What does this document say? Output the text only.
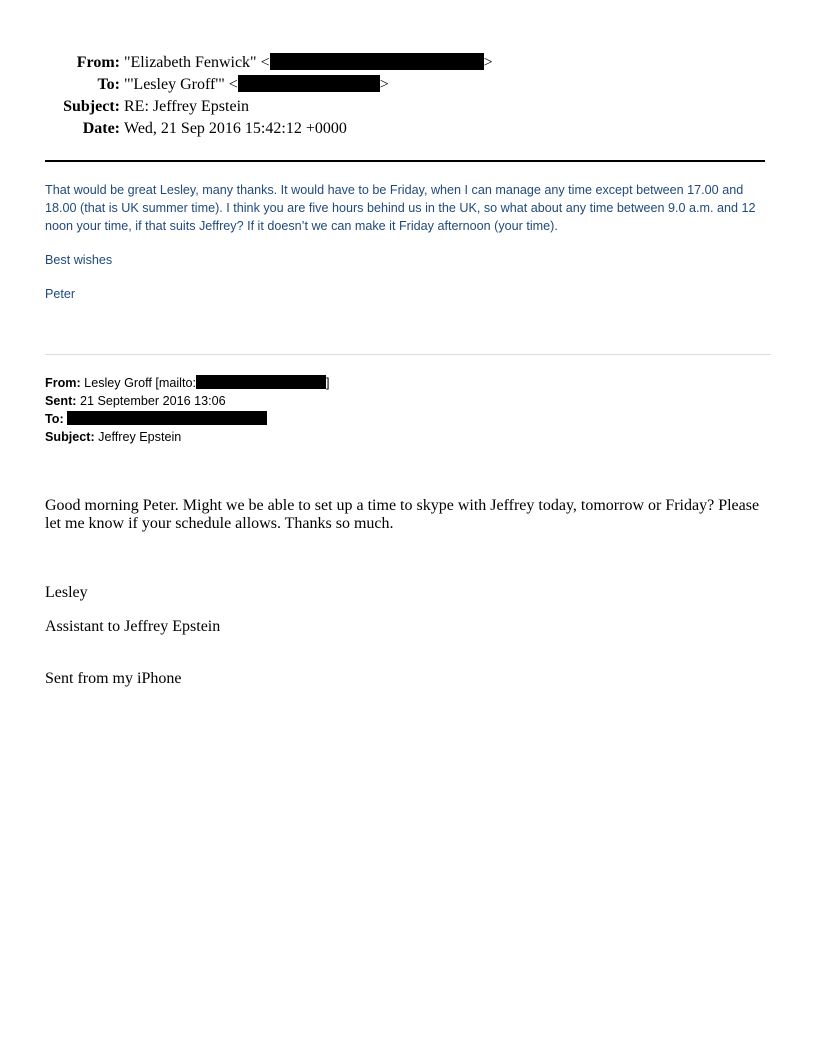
From: "Elizabeth Fenwick" <	>
To: "'Lesley Groff'" <	>
Subject: RE: Jeffrey Epstein
Date: Wed, 21 Sep 2016 15:42:12 +0000

That would be great Lesley, many thanks. It would have to be Friday, when I can manage any time except between 17.00 and 18.00 (that is UK summer time). I think you are five hours behind us in the UK, so what about any time between 9.0 a.m. and 12 noon your time, if that suits Jeffrey? If it doesn’t we can make it Friday afternoon (your time).

Best wishes

Peter

From: Lesley Groff [mailto:	]
Sent: 21 September 2016 13:06
To:
Subject: Jeffrey Epstein

Good morning Peter. Might we be able to set up a time to skype with Jeffrey today, tomorrow or Friday? Please let me know if your schedule allows. Thanks so much.

Lesley
Assistant to Jeffrey Epstein
Sent from my iPhone
